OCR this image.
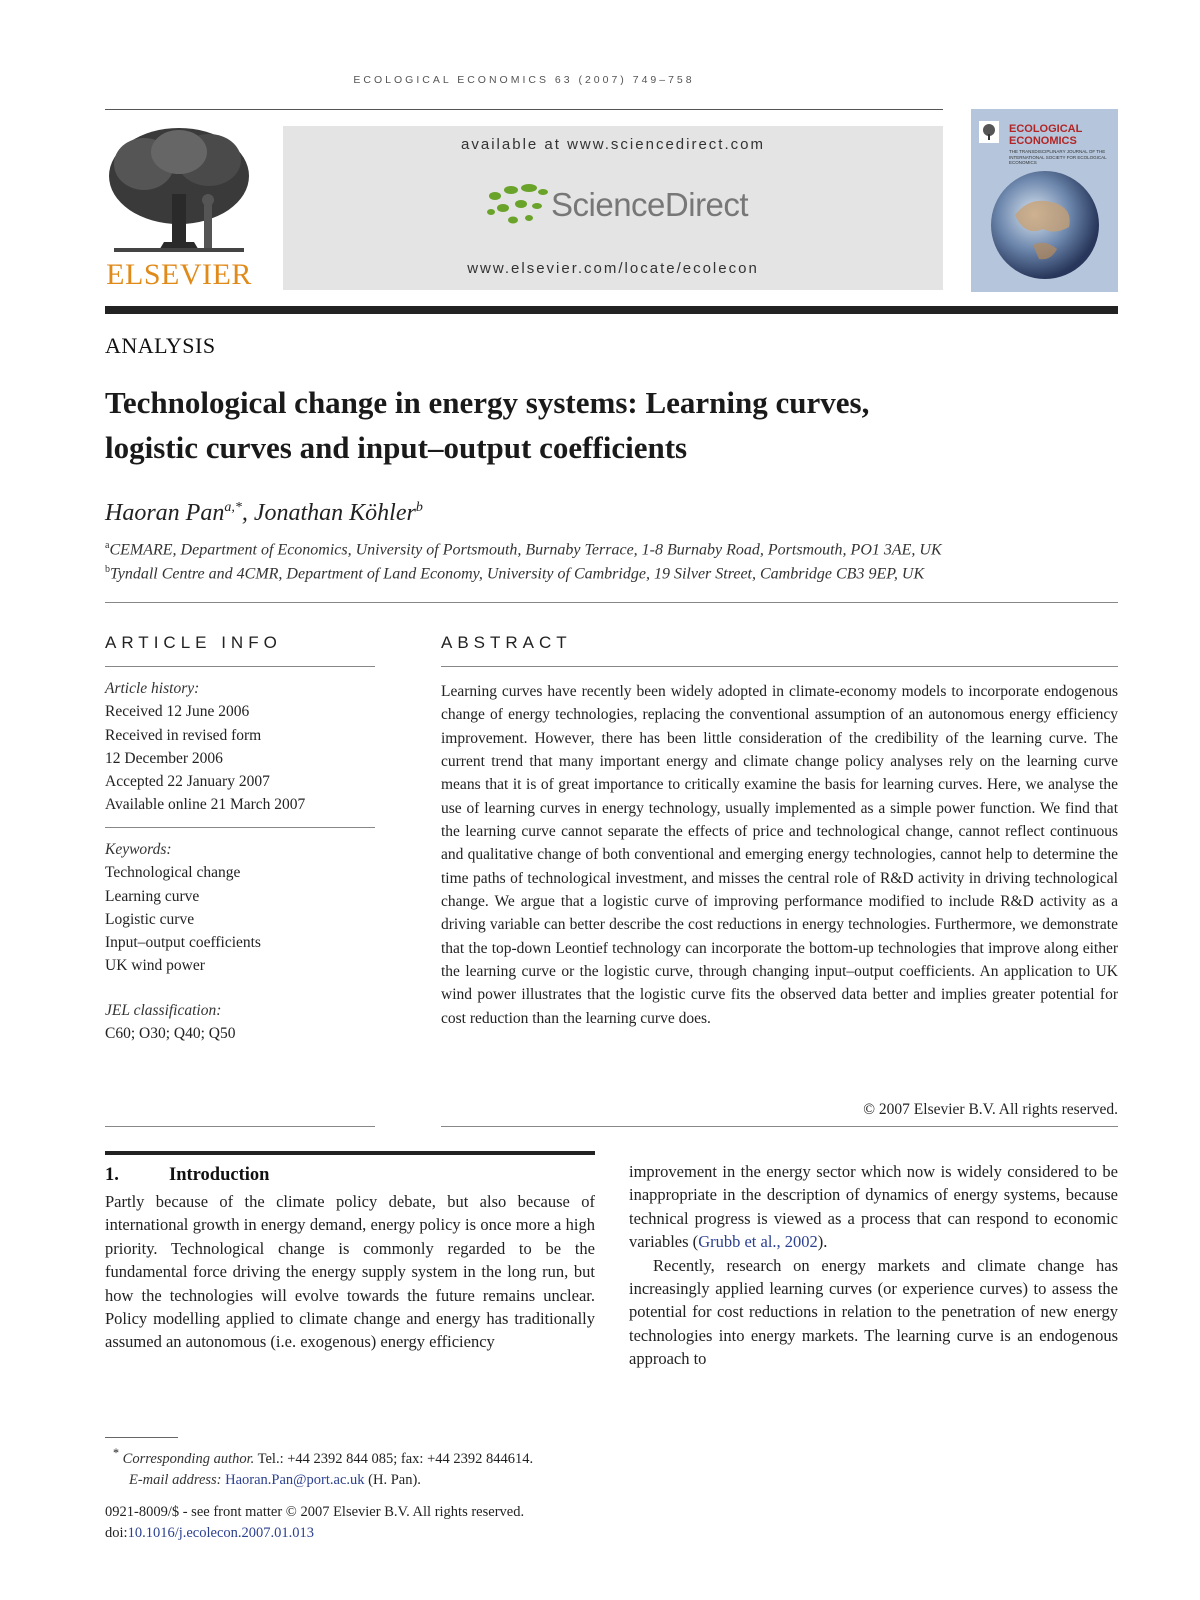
ECOLOGICAL ECONOMICS 63 (2007) 749–758
ELSEVIER
available at www.sciencedirect.com
ScienceDirect
www.elsevier.com/locate/ecolecon
ECOLOGICAL
ECONOMICS
THE TRANSDISCIPLINARY JOURNAL OF THE INTERNATIONAL SOCIETY FOR ECOLOGICAL ECONOMICS
ANALYSIS
Technological change in energy systems: Learning curves,
logistic curves and input–output coefficients
Haoran Pan$^{a,*}$, Jonathan Köhler$^b$
$^a$CEMARE, Department of Economics, University of Portsmouth, Burnaby Terrace, 1-8 Burnaby Road, Portsmouth, PO1 3AE, UK
$^b$Tyndall Centre and 4CMR, Department of Land Economy, University of Cambridge, 19 Silver Street, Cambridge CB3 9EP, UK
ARTICLE INFO
Article history:
Received 12 June 2006
Received in revised form
12 December 2006
Accepted 22 January 2007
Available online 21 March 2007
Keywords:
Technological change
Learning curve
Logistic curve
Input–output coefficients
UK wind power
JEL classification:
C60; O30; Q40; Q50
ABSTRACT
Learning curves have recently been widely adopted in climate-economy models to incorporate endogenous change of energy technologies, replacing the conventional assumption of an autonomous energy efficiency improvement. However, there has been little consideration of the credibility of the learning curve. The current trend that many important energy and climate change policy analyses rely on the learning curve means that it is of great importance to critically examine the basis for learning curves. Here, we analyse the use of learning curves in energy technology, usually implemented as a simple power function. We find that the learning curve cannot separate the effects of price and technological change, cannot reflect continuous and qualitative change of both conventional and emerging energy technologies, cannot help to determine the time paths of technological investment, and misses the central role of R&D activity in driving technological change. We argue that a logistic curve of improving performance modified to include R&D activity as a driving variable can better describe the cost reductions in energy technologies. Furthermore, we demonstrate that the top-down Leontief technology can incorporate the bottom-up technologies that improve along either the learning curve or the logistic curve, through changing input–output coefficients. An application to UK wind power illustrates that the logistic curve fits the observed data better and implies greater potential for cost reduction than the learning curve does.
© 2007 Elsevier B.V. All rights reserved.
1.	Introduction
Partly because of the climate policy debate, but also because of international growth in energy demand, energy policy is once more a high priority. Technological change is commonly regarded to be the fundamental force driving the energy supply system in the long run, but how the technologies will evolve towards the future remains unclear. Policy modelling applied to climate change and energy has traditionally assumed an autonomous (i.e. exogenous) energy efficiency
improvement in the energy sector which now is widely considered to be inappropriate in the description of dynamics of energy systems, because technical progress is viewed as a process that can respond to economic variables (Grubb et al., 2002).
Recently, research on energy markets and climate change has increasingly applied learning curves (or experience curves) to assess the potential for cost reductions in relation to the penetration of new energy technologies into energy markets. The learning curve is an endogenous approach to
* Corresponding author. Tel.: +44 2392 844 085; fax: +44 2392 844614.
E-mail address: Haoran.Pan@port.ac.uk (H. Pan).
0921-8009/$ - see front matter © 2007 Elsevier B.V. All rights reserved.
doi:10.1016/j.ecolecon.2007.01.013
